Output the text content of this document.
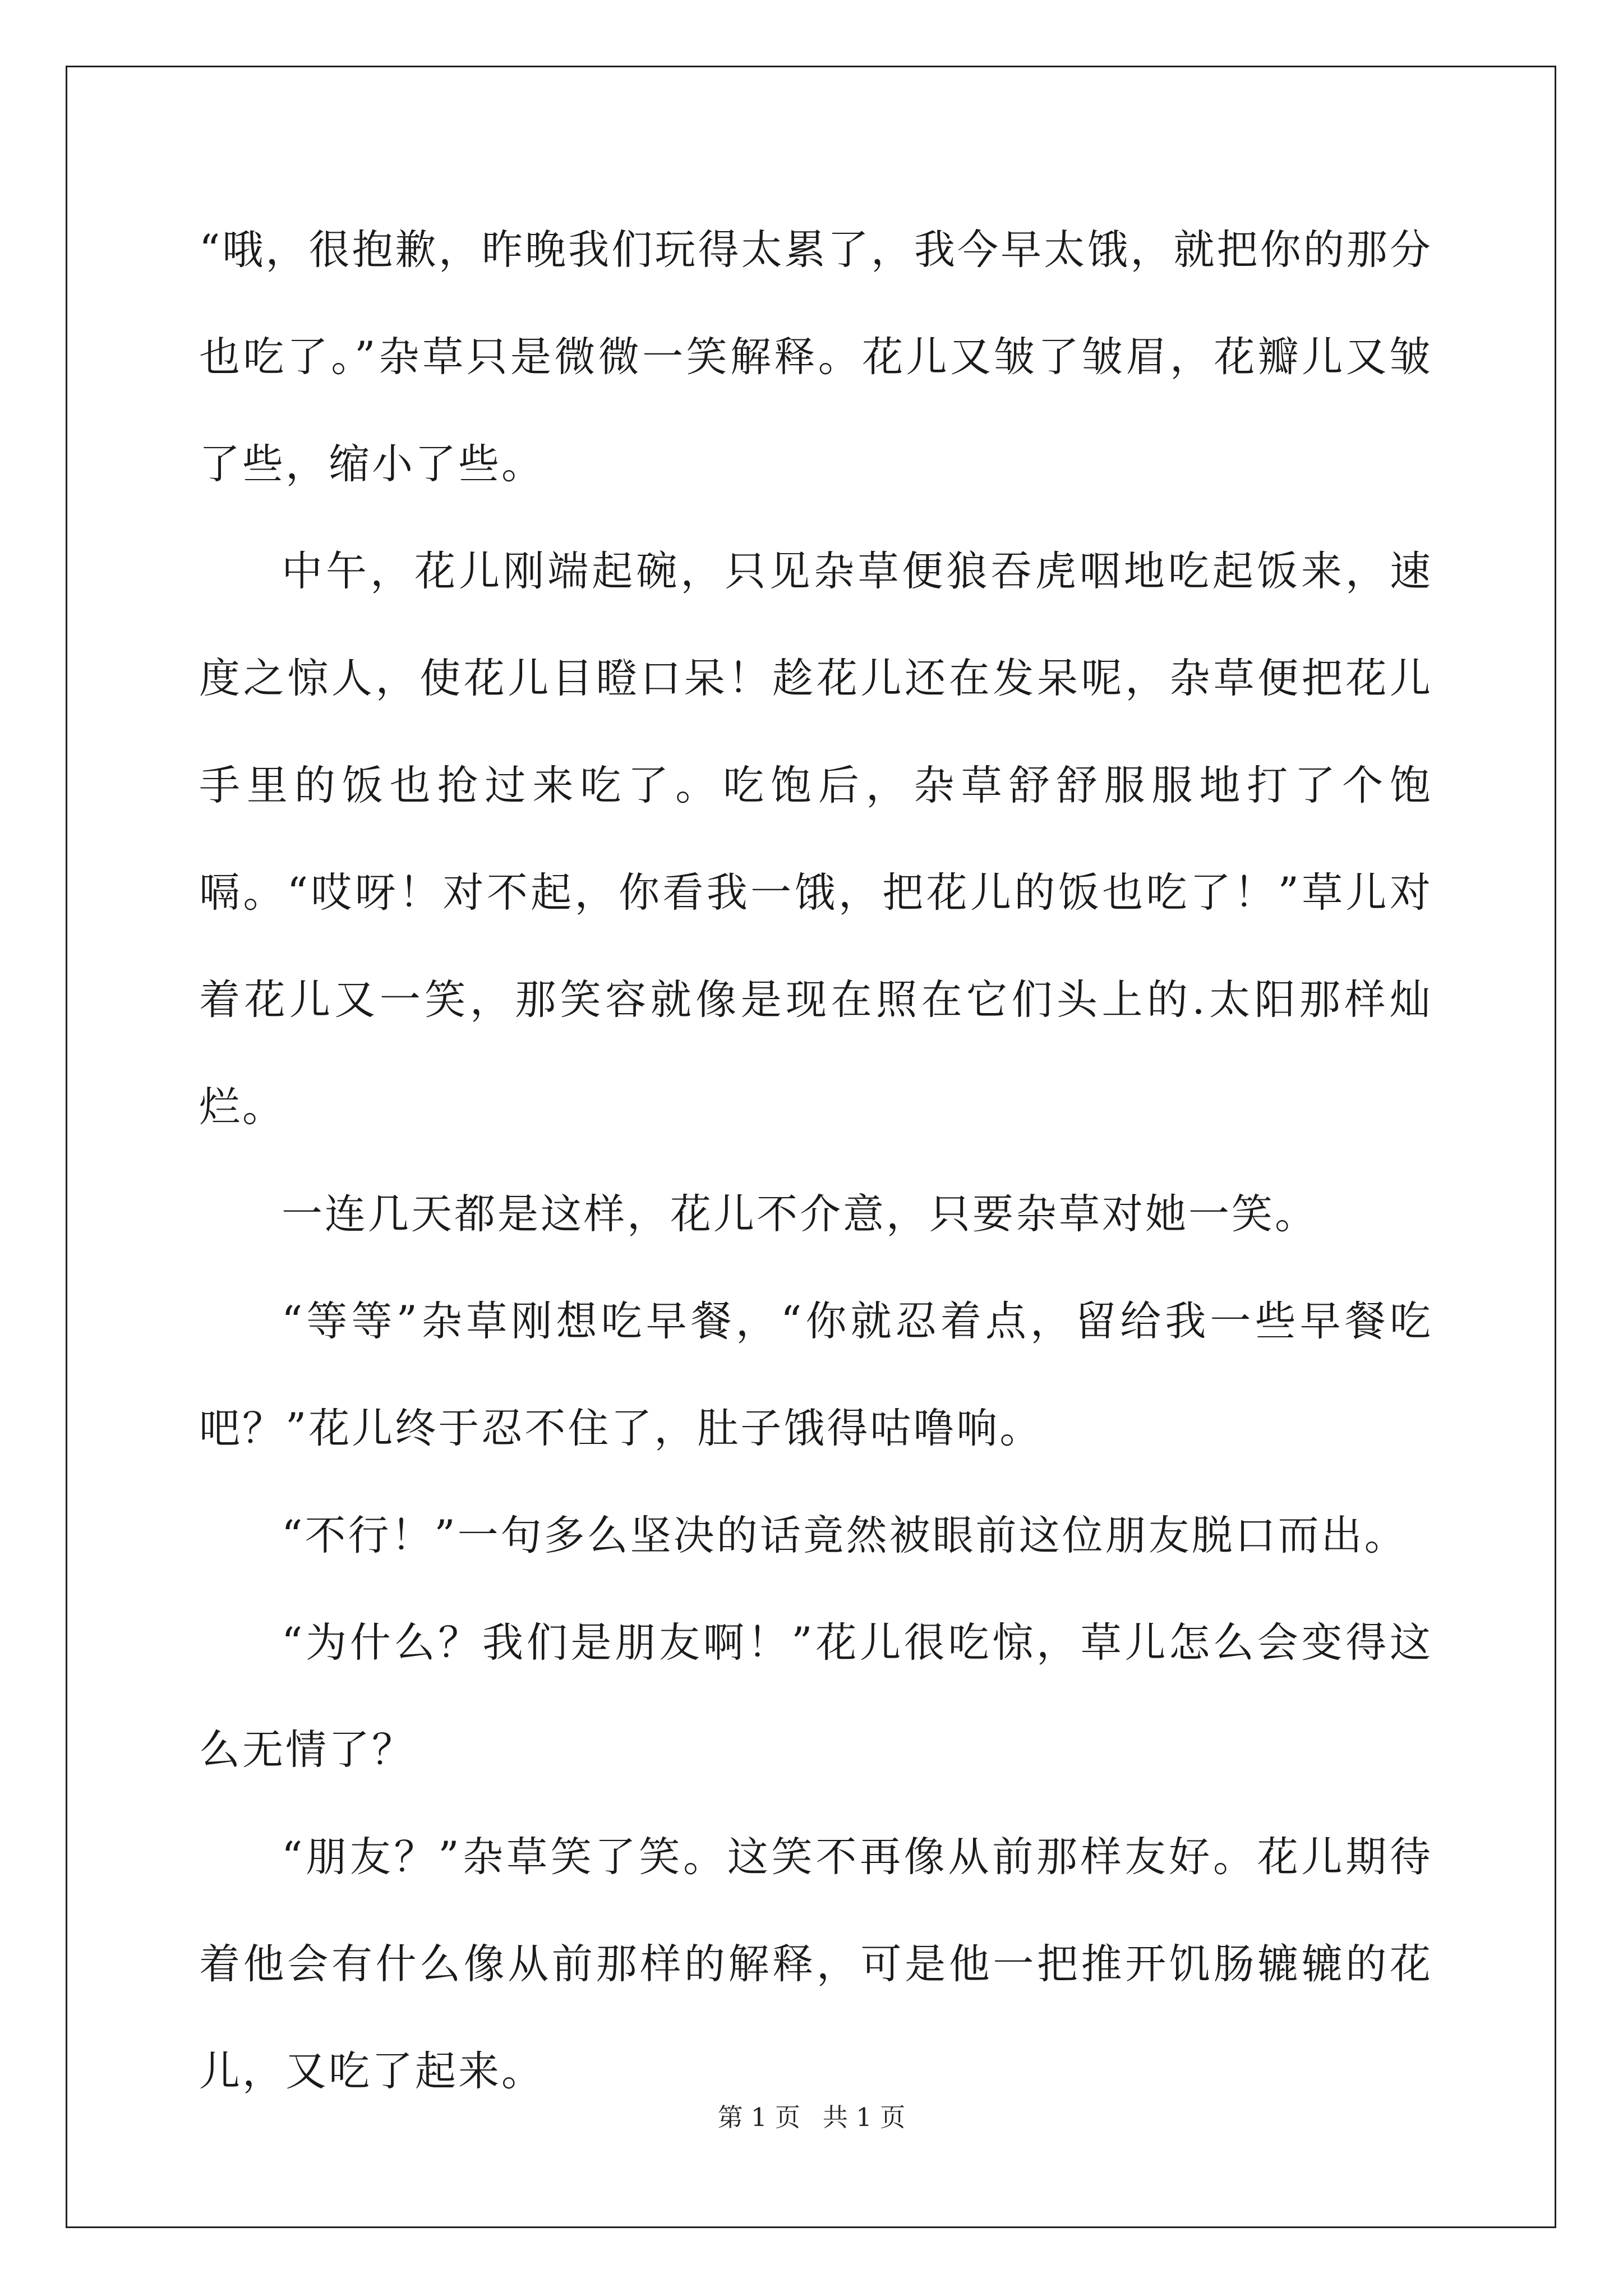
“哦，很抱歉，昨晚我们玩得太累了，我今早太饿，就把你的那分也吃了。”杂草只是微微一笑解释。花儿又皱了皱眉，花瓣儿又皱了些，缩小了些。

中午，花儿刚端起碗，只见杂草便狼吞虎咽地吃起饭来，速度之惊人，使花儿目瞪口呆！趁花儿还在发呆呢，杂草便把花儿手里的饭也抢过来吃了。吃饱后，杂草舒舒服服地打了个饱嗝。“哎呀！对不起，你看我一饿，把花儿的饭也吃了！”草儿对着花儿又一笑，那笑容就像是现在照在它们头上的.太阳那样灿烂。

一连几天都是这样，花儿不介意，只要杂草对她一笑。

“等等”杂草刚想吃早餐，“你就忍着点，留给我一些早餐吃吧？”花儿终于忍不住了，肚子饿得咕噜响。

“不行！”一句多么坚决的话竟然被眼前这位朋友脱口而出。

“为什么？我们是朋友啊！”花儿很吃惊，草儿怎么会变得这么无情了？

“朋友？”杂草笑了笑。这笑不再像从前那样友好。花儿期待着他会有什么像从前那样的解释，可是他一把推开饥肠辘辘的花儿，又吃了起来。

第 1 页 共 1 页
